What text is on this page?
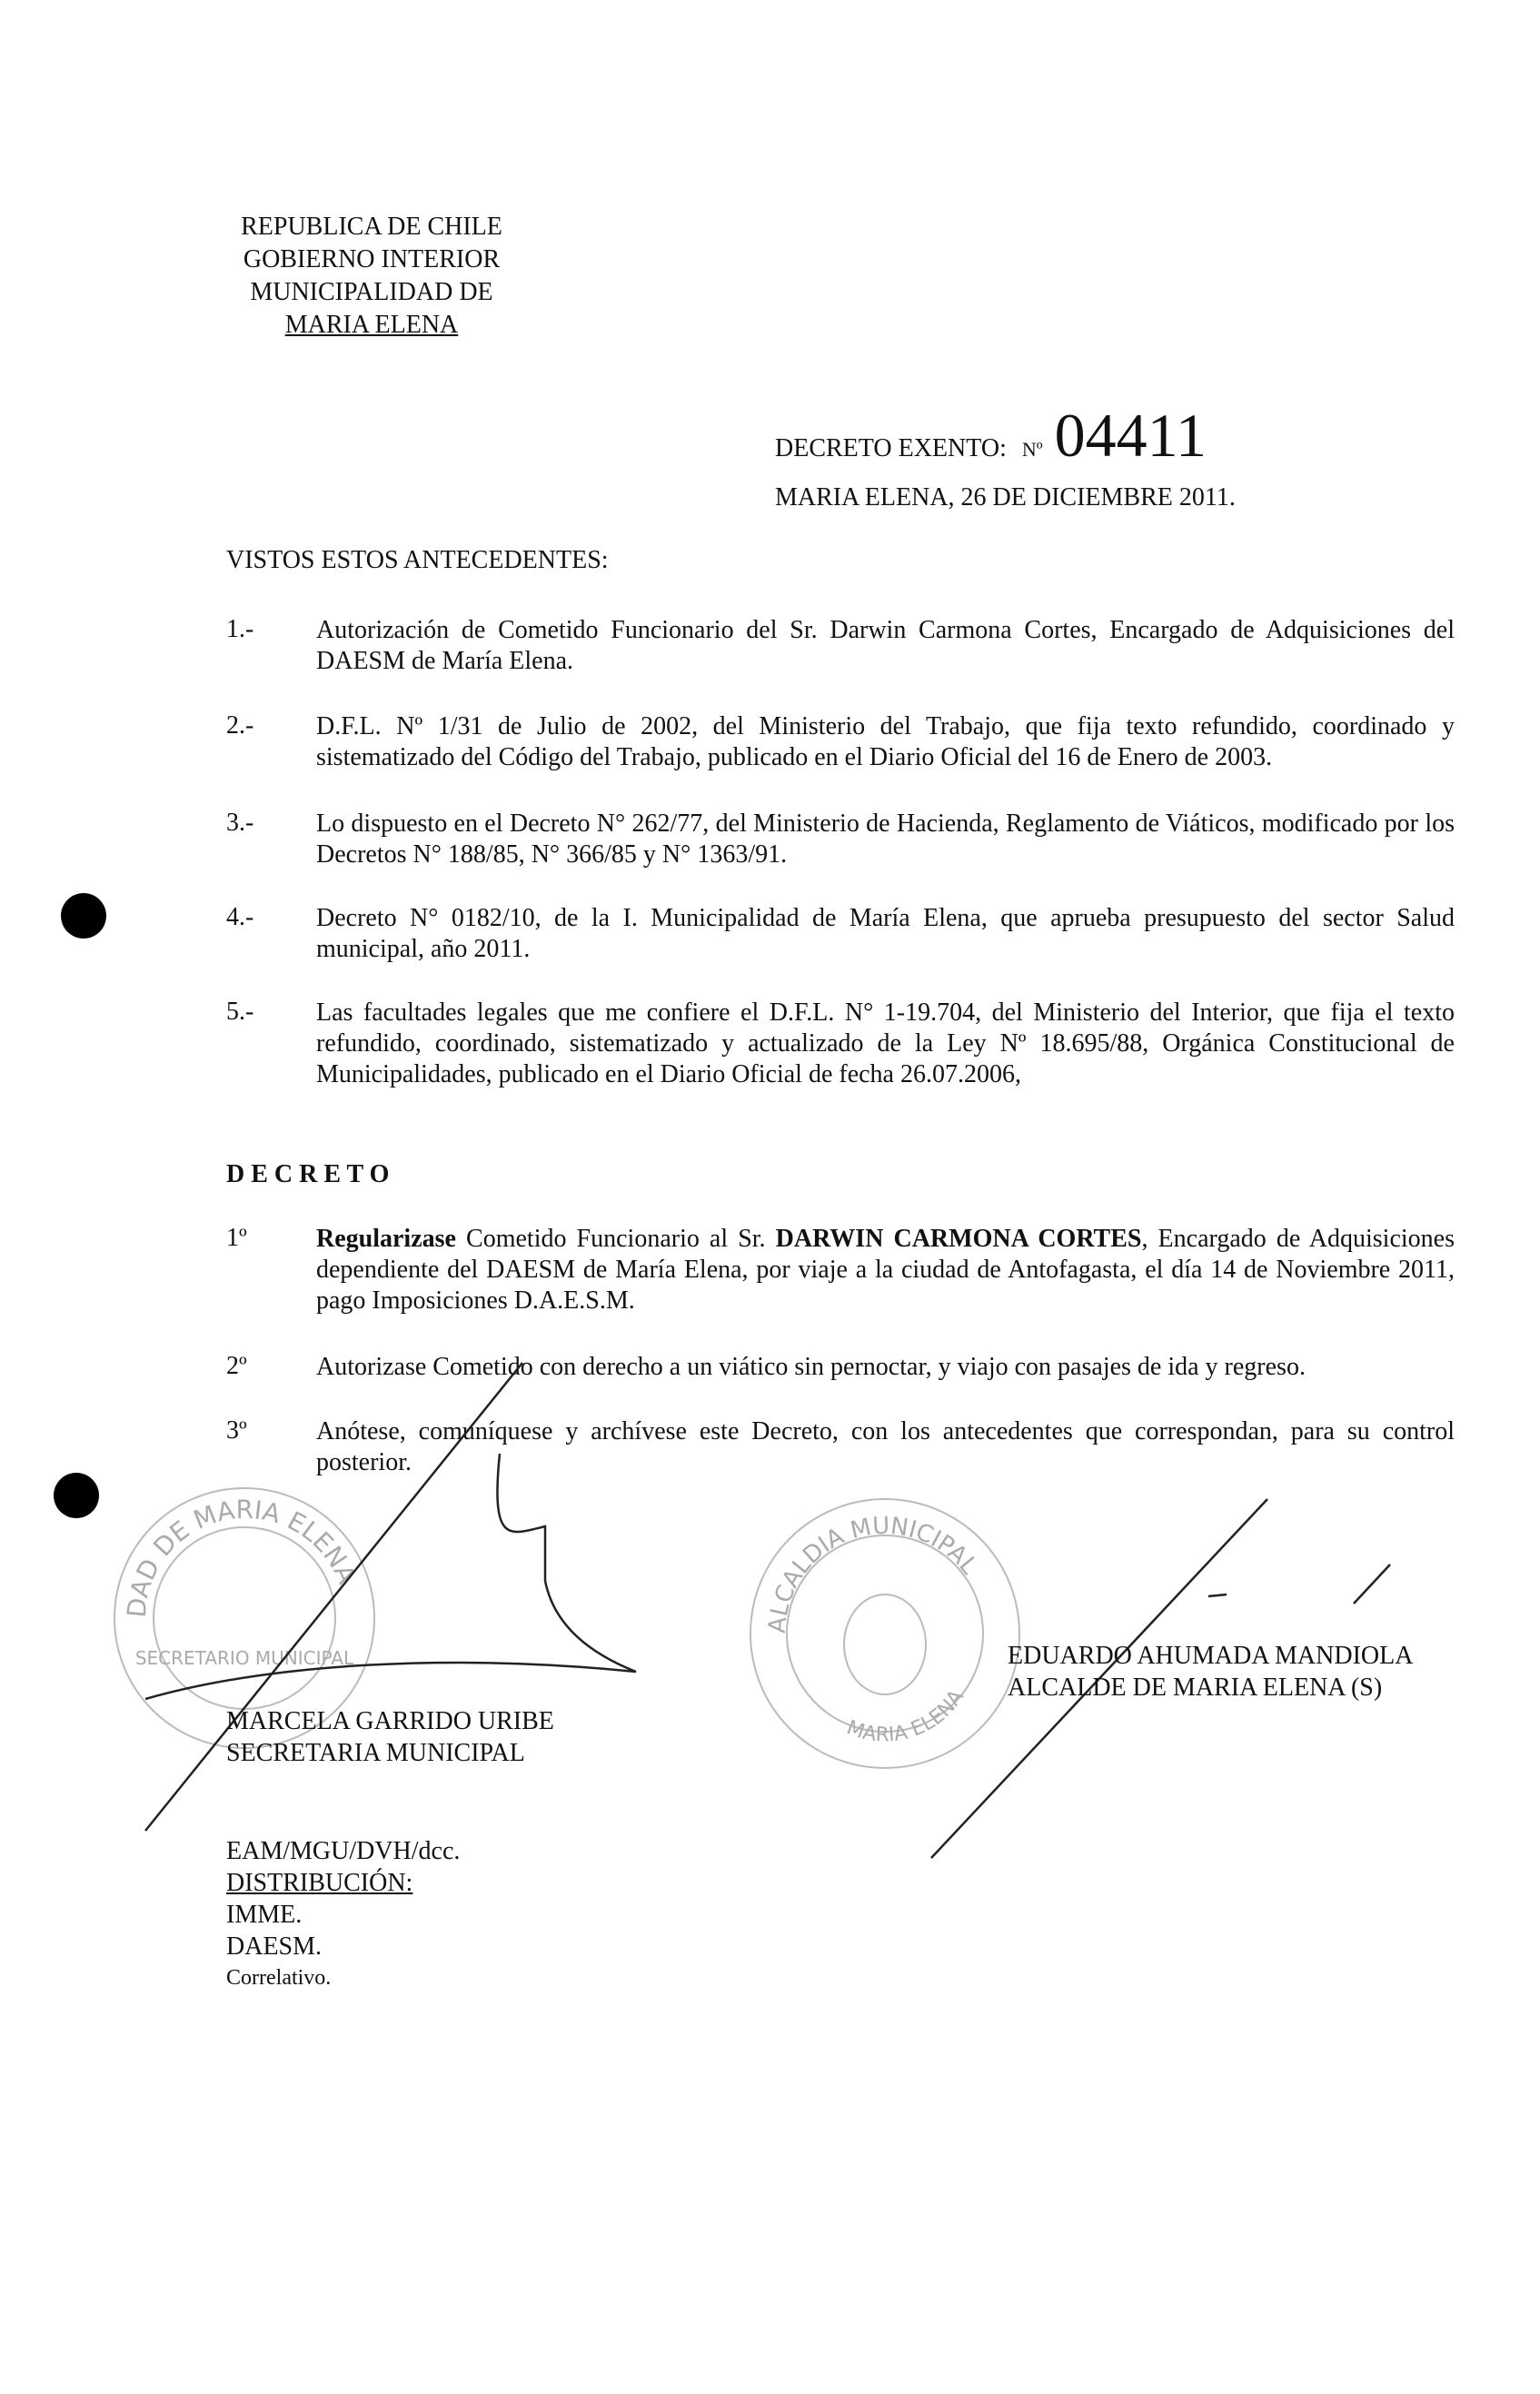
REPUBLICA DE CHILE
GOBIERNO INTERIOR
MUNICIPALIDAD DE
MARIA ELENA
DECRETO EXENTO: Nº 04411
MARIA ELENA, 26 DE DICIEMBRE 2011.
VISTOS ESTOS ANTECEDENTES:
1.- Autorización de Cometido Funcionario del Sr. Darwin Carmona Cortes, Encargado de Adquisiciones del DAESM de María Elena.
2.- D.F.L. Nº 1/31 de Julio de 2002, del Ministerio del Trabajo, que fija texto refundido, coordinado y sistematizado del Código del Trabajo, publicado en el Diario Oficial del 16 de Enero de 2003.
3.- Lo dispuesto en el Decreto N° 262/77, del Ministerio de Hacienda, Reglamento de Viáticos, modificado por los Decretos N° 188/85, N° 366/85 y N° 1363/91.
4.- Decreto N° 0182/10, de la I. Municipalidad de María Elena, que aprueba presupuesto del sector Salud municipal, año 2011.
5.- Las facultades legales que me confiere el D.F.L. N° 1-19.704, del Ministerio del Interior, que fija el texto refundido, coordinado, sistematizado y actualizado de la Ley Nº 18.695/88, Orgánica Constitucional de Municipalidades, publicado en el Diario Oficial de fecha 26.07.2006,
D E C R E T O
1º	Regularizase Cometido Funcionario al Sr. DARWIN CARMONA CORTES, Encargado de Adquisiciones dependiente del DAESM de María Elena, por viaje a la ciudad de Antofagasta, el día 14 de Noviembre 2011, pago Imposiciones D.A.E.S.M.
2º	Autorizase Cometido con derecho a un viático sin pernoctar, y viajo con pasajes de ida y regreso.
3º	Anótese, comuníquese y archívese este Decreto, con los antecedentes que correspondan, para su control posterior.
DAD DE MARIA ELENA
SECRETARIO MUNICIPAL
ALCALDIA MUNICIPAL
MARIA ELENA
MARCELA GARRIDO URIBE
SECRETARIA MUNICIPAL
EDUARDO AHUMADA MANDIOLA
ALCALDE DE MARIA ELENA (S)
EAM/MGU/DVH/dcc.
DISTRIBUCIÓN:
IMME.
DAESM.
Correlativo.
